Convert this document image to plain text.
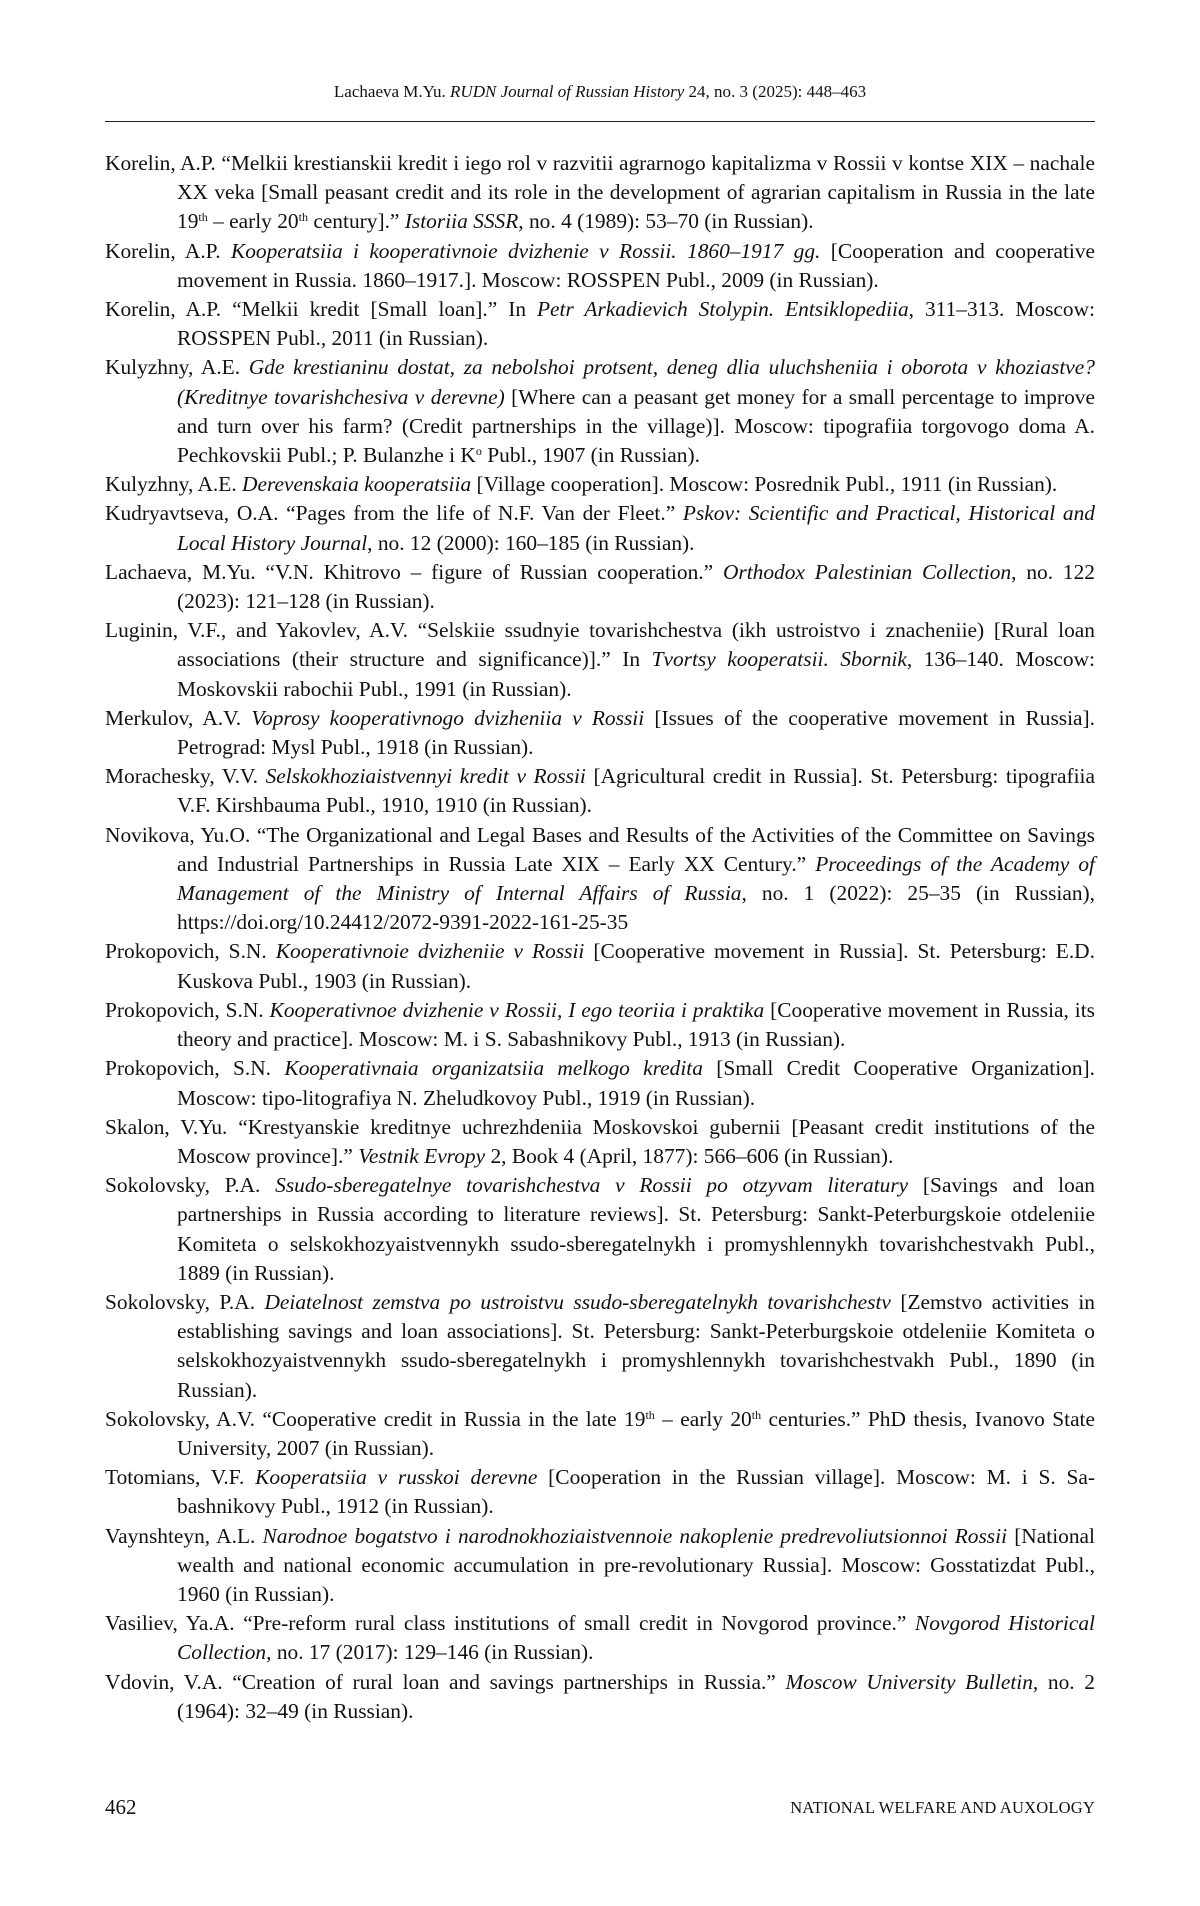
Lachaeva M.Yu. RUDN Journal of Russian History 24, no. 3 (2025): 448–463

Korelin, A.P. “Melkii krestianskii kredit i iego rol v razvitii agrarnogo kapitalizma v Rossii v kontse XIX – nachale XX veka [Small peasant credit and its role in the development of agrarian capitalism in Russia in the late 19th – early 20th century].” Istoriia SSSR, no. 4 (1989): 53–70 (in Russian).

Korelin, A.P. Kooperatsiia i kooperativnoie dvizhenie v Rossii. 1860–1917 gg. [Cooperation and cooperative movement in Russia. 1860–1917.]. Moscow: ROSSPEN Publ., 2009 (in Russian).

Korelin, A.P. “Melkii kredit [Small loan].” In Petr Arkadievich Stolypin. Entsiklopediia, 311–313. Moscow: ROSSPEN Publ., 2011 (in Russian).

Kulyzhny, A.E. Gde krestianinu dostat, za nebolshoi protsent, deneg dlia uluchsheniia i oborota v khoziastve? (Kreditnye tovarishchesiva v derevne) [Where can a peasant get money for a small percentage to improve and turn over his farm? (Credit partnerships in the village)]. Moscow: tipografiia torgovogo doma A. Pechkovskii Publ.; P. Bulanzhe i Ko Publ., 1907 (in Russian).

Kulyzhny, A.E. Derevenskaia kooperatsiia [Village cooperation]. Moscow: Posrednik Publ., 1911 (in Russian).

Kudryavtseva, O.A. “Pages from the life of N.F. Van der Fleet.” Pskov: Scientific and Practical, Historical and Local History Journal, no. 12 (2000): 160–185 (in Russian).

Lachaeva, M.Yu. “V.N. Khitrovo – figure of Russian cooperation.” Orthodox Palestinian Collection, no. 122 (2023): 121–128 (in Russian).

Luginin, V.F., and Yakovlev, A.V. “Selskiie ssudnyie tovarishchestva (ikh ustroistvo i znacheniie) [Rural loan associations (their structure and significance)].” In Tvortsy kooperatsii. Sbornik, 136–140. Moscow: Moskovskii rabochii Publ., 1991 (in Russian).

Merkulov, A.V. Voprosy kooperativnogo dvizheniia v Rossii [Issues of the cooperative movement in Russia]. Petrograd: Mysl Publ., 1918 (in Russian).

Morachesky, V.V. Selskokhoziaistvennyi kredit v Rossii [Agricultural credit in Russia]. St. Petersburg: tipografiia V.F. Kirshbauma Publ., 1910, 1910 (in Russian).

Novikova, Yu.O. “The Organizational and Legal Bases and Results of the Activities of the Committee on Savings and Industrial Partnerships in Russia Late XIX – Early XX Century.” Proceedings of the Academy of Management of the Ministry of Internal Affairs of Russia, no. 1 (2022): 25–35 (in Russian), https://doi.org/10.24412/2072-9391-2022-161-25-35

Prokopovich, S.N. Kooperativnoie dvizheniie v Rossii [Cooperative movement in Russia]. St. Petersburg: E.D. Kuskova Publ., 1903 (in Russian).

Prokopovich, S.N. Kooperativnoe dvizhenie v Rossii, I ego teoriia i praktika [Cooperative movement in Russia, its theory and practice]. Moscow: M. i S. Sabashnikovy Publ., 1913 (in Russian).

Prokopovich, S.N. Kooperativnaia organizatsiia melkogo kredita [Small Credit Cooperative Organization]. Moscow: tipo-litografiya N. Zheludkovoy Publ., 1919 (in Russian).

Skalon, V.Yu. “Krestyanskie kreditnye uchrezhdeniia Moskovskoi gubernii [Peasant credit institutions of the Moscow province].” Vestnik Evropy 2, Book 4 (April, 1877): 566–606 (in Russian).

Sokolovsky, P.A. Ssudo-sberegatelnye tovarishchestva v Rossii po otzyvam literatury [Savings and loan partnerships in Russia according to literature reviews]. St. Petersburg: Sankt-Peterburgskoie otdeleniie Komiteta o selskokhozyaistvennykh ssudo-sberegatelnykh i promyshlennykh tovarishchestvakh Publ., 1889 (in Russian).

Sokolovsky, P.A. Deiatelnost zemstva po ustroistvu ssudo-sberegatelnykh tovarishchestv [Zemstvo activities in establishing savings and loan associations]. St. Petersburg: Sankt-Peterburgskoie otdeleniie Komiteta o selskokhozyaistvennykh ssudo-sberegatelnykh i promyshlennykh tovarishchestvakh Publ., 1890 (in Russian).

Sokolovsky, A.V. “Cooperative credit in Russia in the late 19th – early 20th centuries.” PhD thesis, Ivanovo State University, 2007 (in Russian).

Totomians, V.F. Kooperatsiia v russkoi derevne [Cooperation in the Russian village]. Moscow: M. i S. Sa­bashnikovy Publ., 1912 (in Russian).

Vaynshteyn, A.L. Narodnoe bogatstvo i narodnokhoziaistvennoie nakoplenie predrevoliutsionnoi Rossii [National wealth and national economic accumulation in pre-revolutionary Russia]. Moscow: Gosstatizdat Publ., 1960 (in Russian).

Vasiliev, Ya.A. “Pre-reform rural class institutions of small credit in Novgorod province.” Novgorod Historical Collection, no. 17 (2017): 129–146 (in Russian).

Vdovin, V.A. “Creation of rural loan and savings partnerships in Russia.” Moscow University Bulletin, no. 2 (1964): 32–49 (in Russian).

462	NATIONAL WELFARE AND AUXOLOGY
